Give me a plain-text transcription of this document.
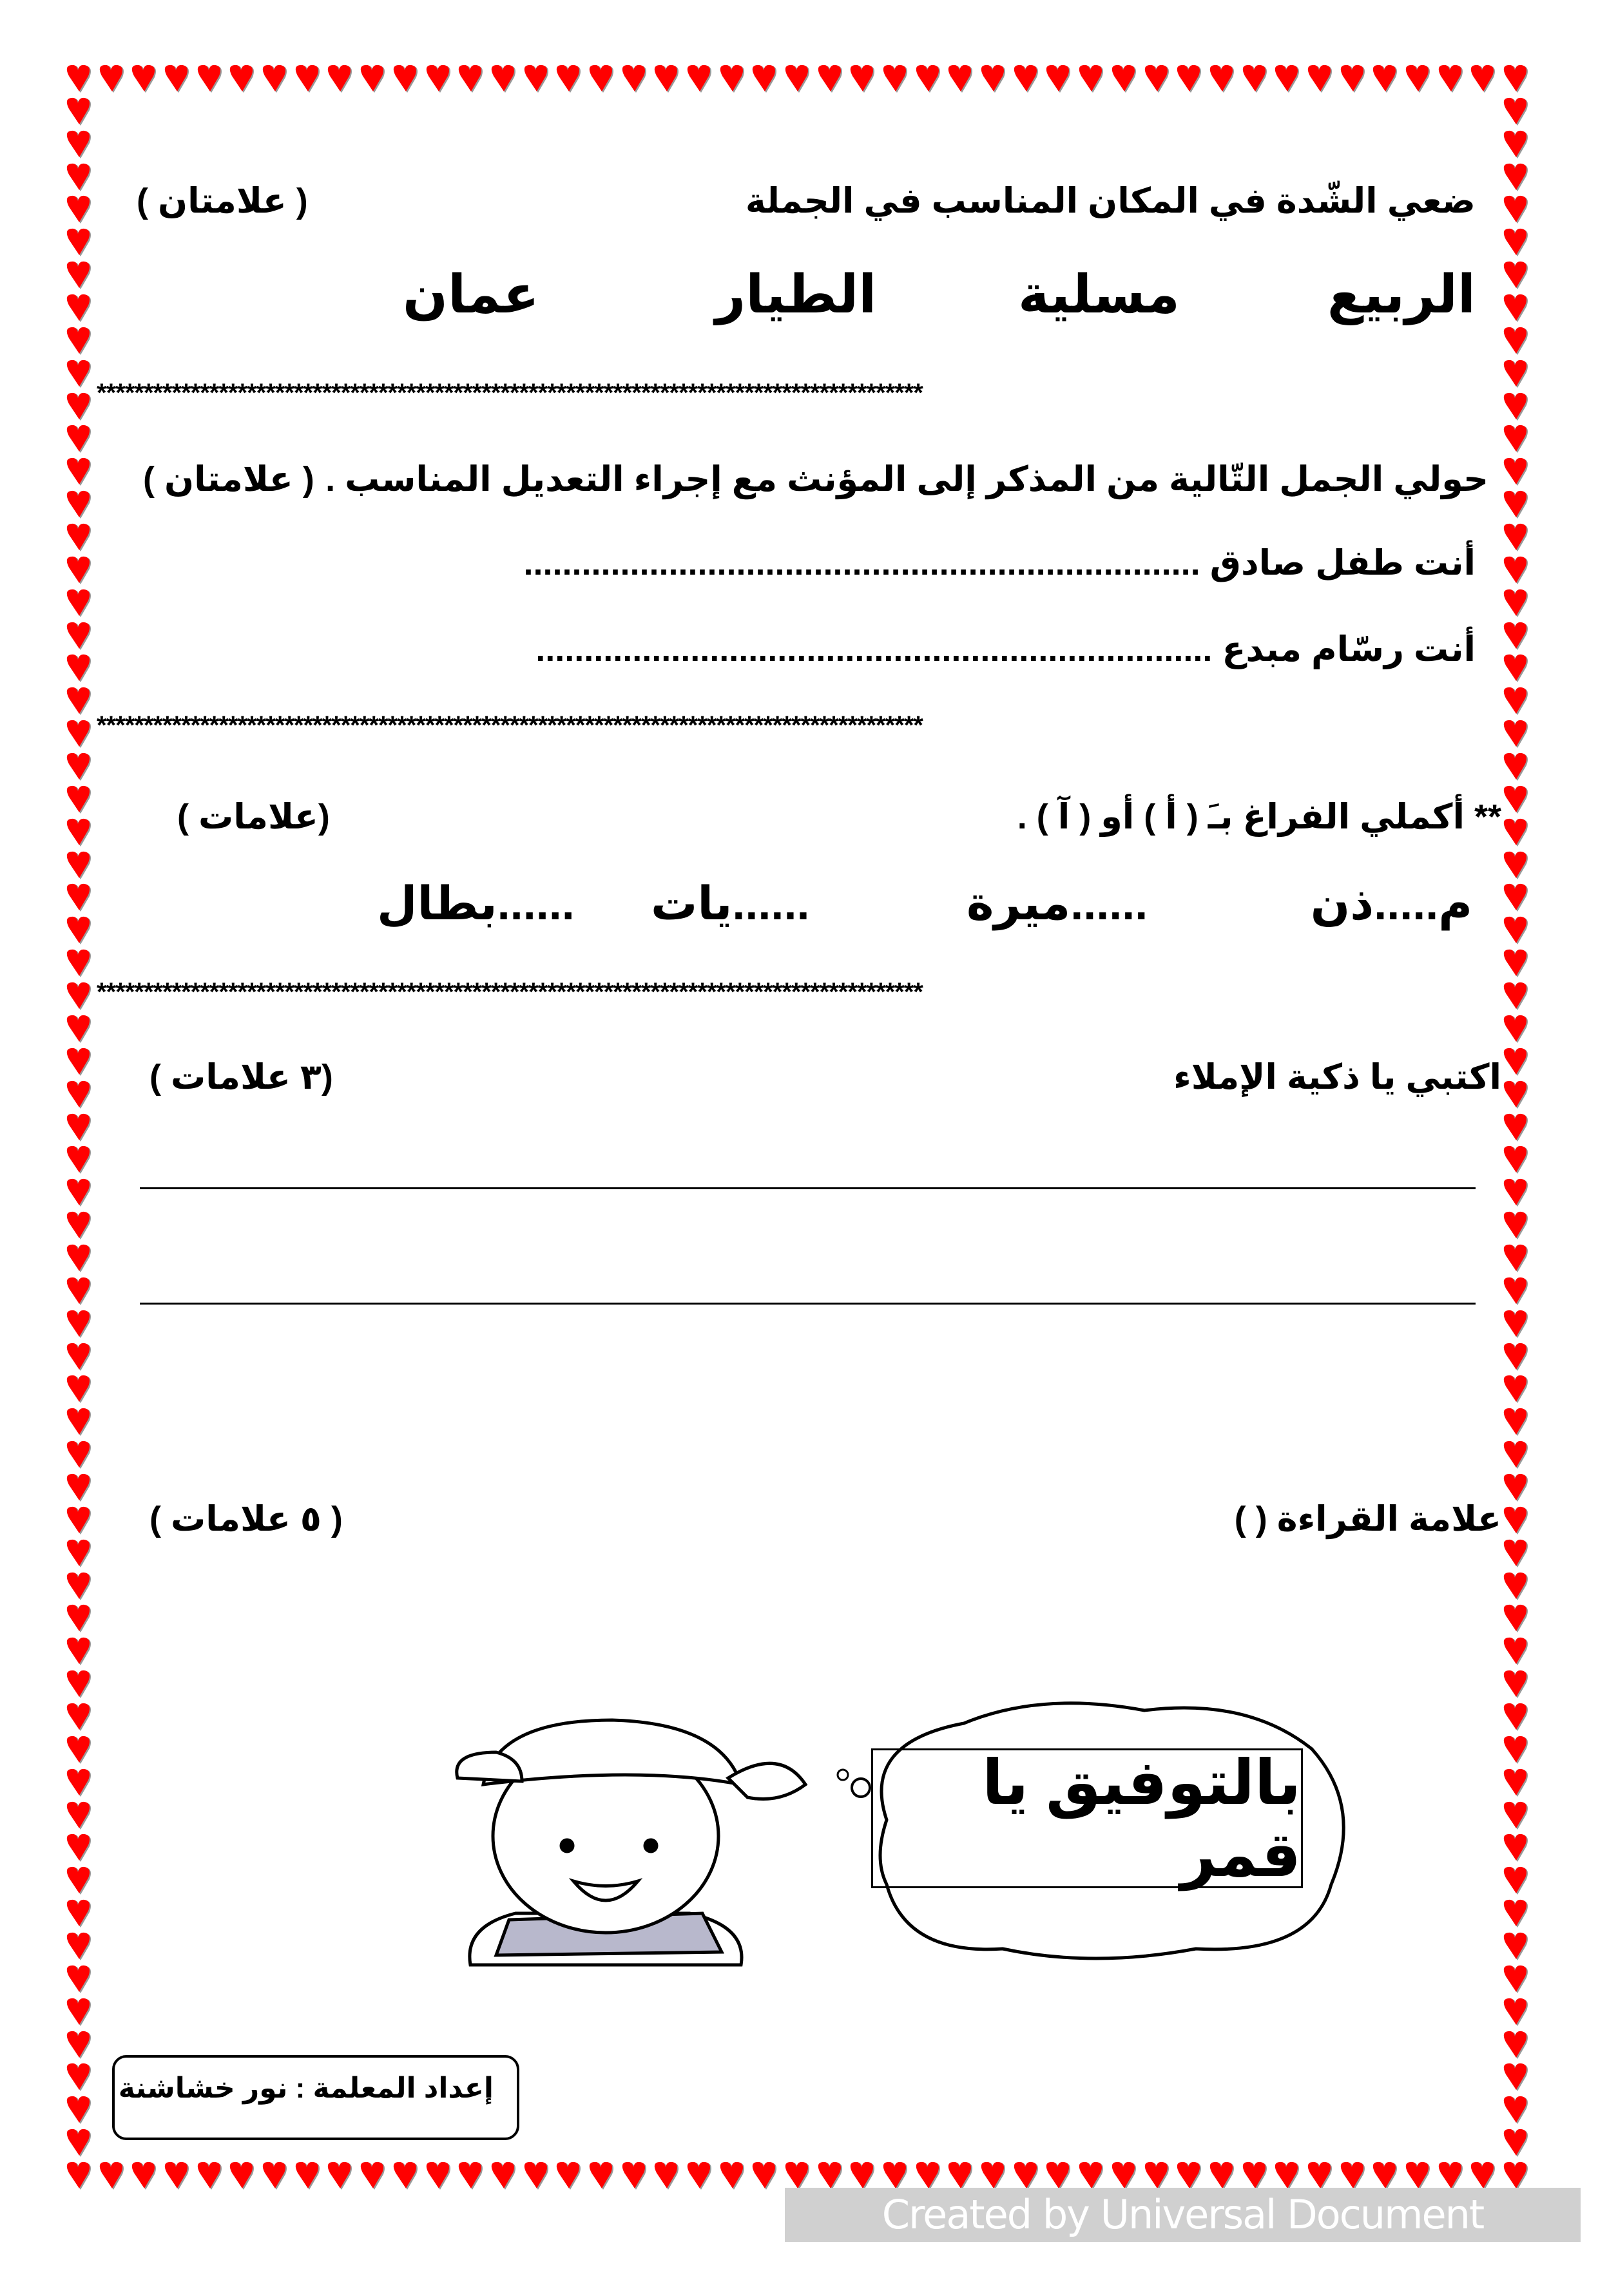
ضعي الشّدة في المكان المناسب في الجملة
( علامتان )
الربيع
مسلية
الطيار
عمان
****************************************************************************************
حولي الجمل التّالية من المذكر إلى المؤنث مع إجراء التعديل المناسب .
( علامتان )
أنت طفل صادق ......................................................................
أنت رسّام مبدع ......................................................................
****************************************************************************************
** أكملي الفراغ بـَ ( أ ) أو ( آ ) .
(علامات )
م.....ذن
......ميرة
......يات
......بطال
****************************************************************************************
اكتبي يا ذكية الإملاء
(٣ علامات )
علامة القراءة ( )
( ٥ علامات )
بالتوفيق يا قمر
إعداد المعلمة : نور خشاشنة
Created by Universal Document Converter
